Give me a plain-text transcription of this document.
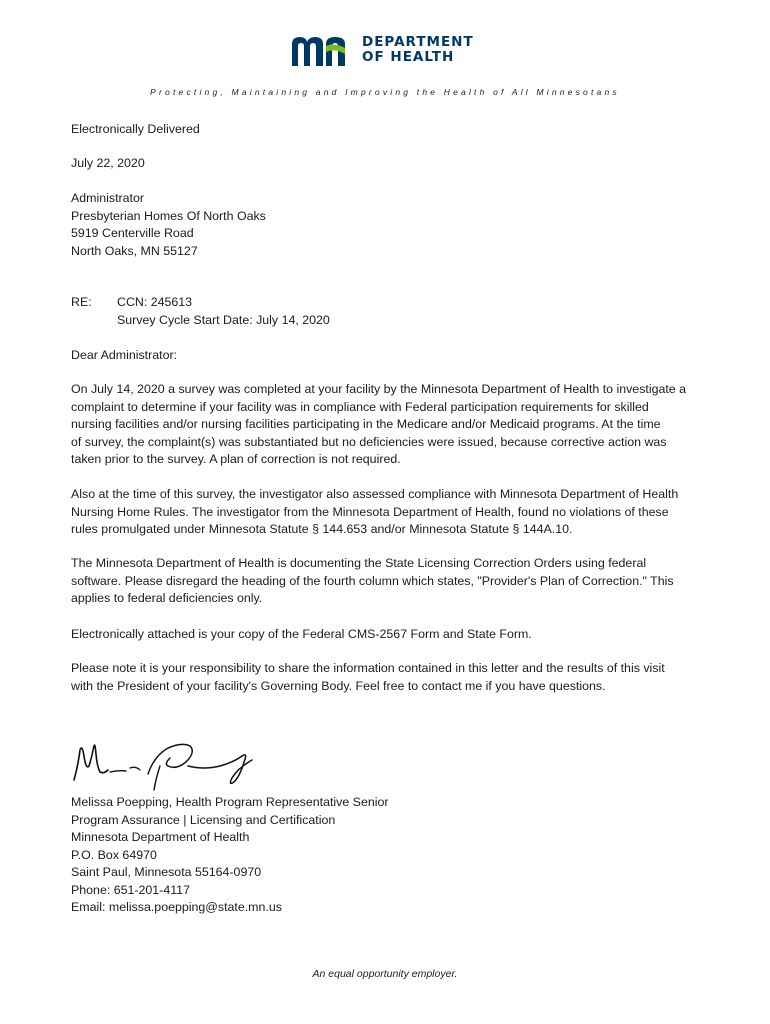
DEPARTMENT
OF HEALTH
Protecting, Maintaining and Improving the Health of All Minnesotans
Electronically Delivered
July 22, 2020
Administrator
Presbyterian Homes Of North Oaks
5919 Centerville Road
North Oaks, MN 55127
RE: CCN: 245613
Survey Cycle Start Date: July 14, 2020
Dear Administrator:
On July 14, 2020 a survey was completed at your facility by the Minnesota Department of Health to investigate a
complaint to determine if your facility was in compliance with Federal participation requirements for skilled
nursing facilities and/or nursing facilities participating in the Medicare and/or Medicaid programs. At the time
of survey, the complaint(s) was substantiated but no deficiencies were issued, because corrective action was
taken prior to the survey. A plan of correction is not required.
Also at the time of this survey, the investigator also assessed compliance with Minnesota Department of Health
Nursing Home Rules. The investigator from the Minnesota Department of Health, found no violations of these
rules promulgated under Minnesota Statute § 144.653 and/or Minnesota Statute § 144A.10.
The Minnesota Department of Health is documenting the State Licensing Correction Orders using federal
software. Please disregard the heading of the fourth column which states, "Provider's Plan of Correction." This
applies to federal deficiencies only.
Electronically attached is your copy of the Federal CMS-2567 Form and State Form.
Please note it is your responsibility to share the information contained in this letter and the results of this visit
with the President of your facility's Governing Body. Feel free to contact me if you have questions.
Melissa Poepping, Health Program Representative Senior
Program Assurance | Licensing and Certification
Minnesota Department of Health
P.O. Box 64970
Saint Paul, Minnesota 55164-0970
Phone: 651-201-4117
Email: melissa.poepping@state.mn.us
An equal opportunity employer.
